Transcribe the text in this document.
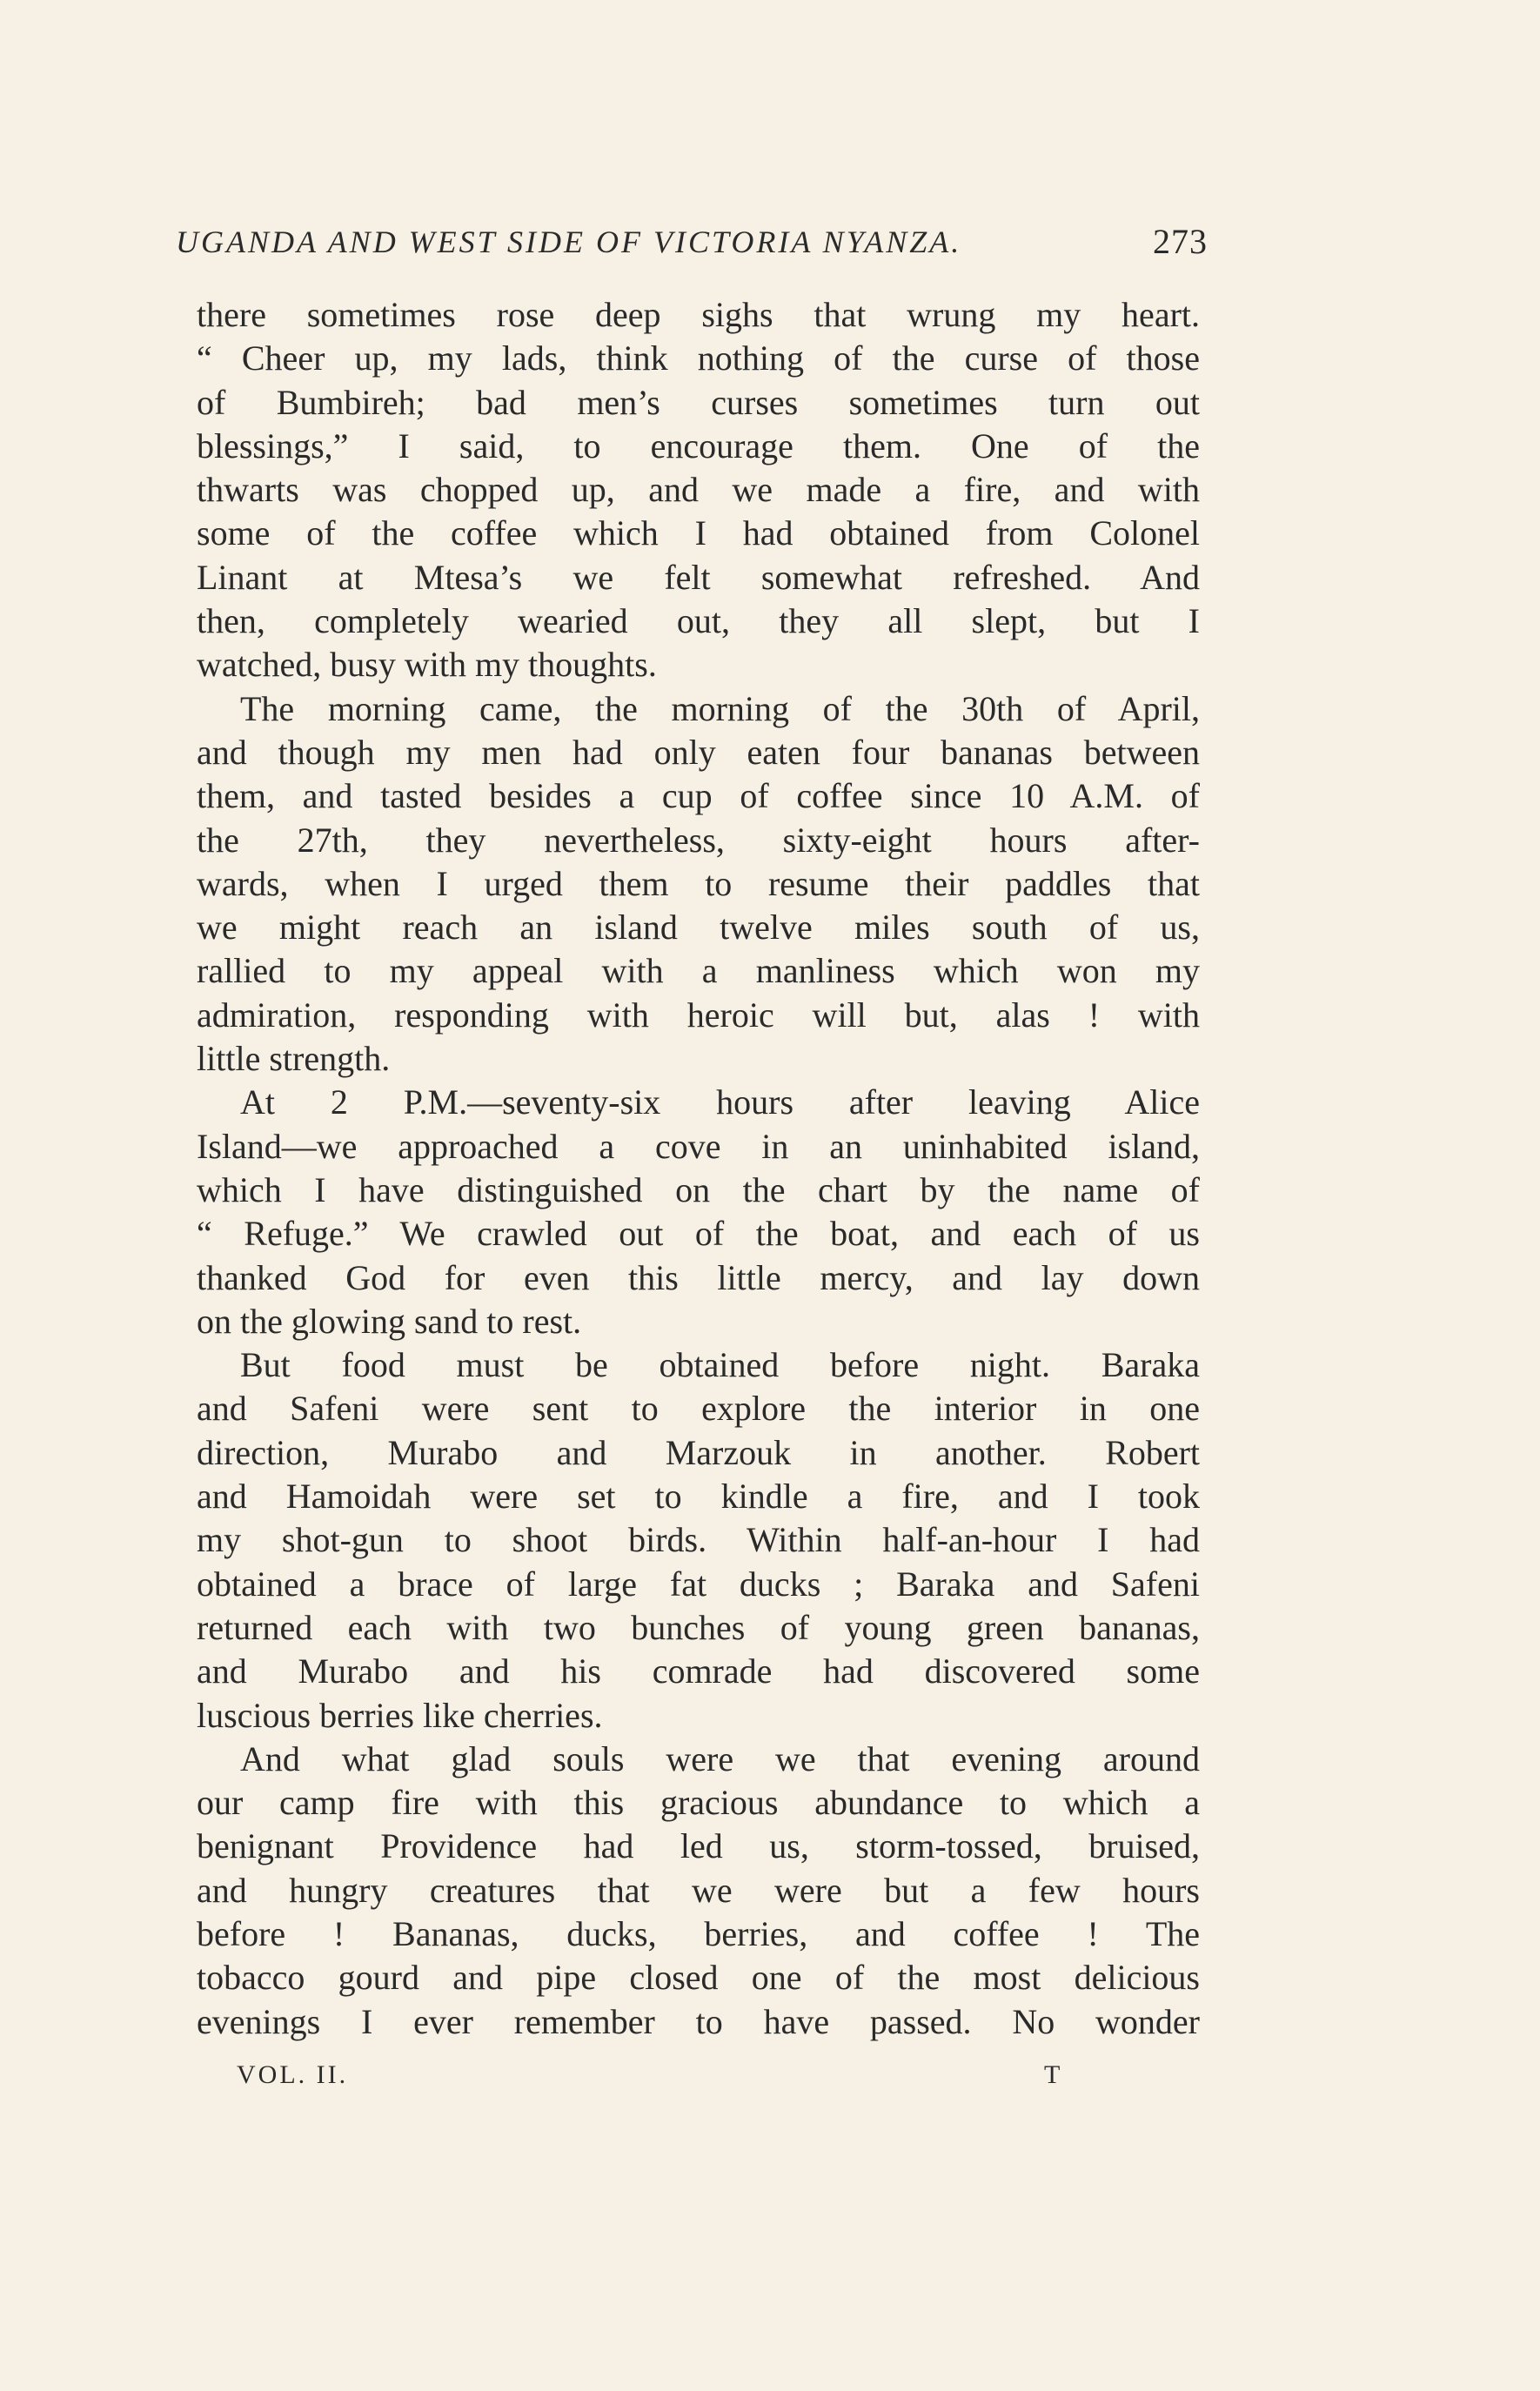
UGANDA AND WEST SIDE OF VICTORIA NYANZA.	273
there sometimes rose deep sighs that wrung my heart.
“ Cheer up, my lads, think nothing of the curse of those
of Bumbireh; bad men’s curses sometimes turn out
blessings,” I said, to encourage them. One of the
thwarts was chopped up, and we made a fire, and with
some of the coffee which I had obtained from Colonel
Linant at Mtesa’s we felt somewhat refreshed. And
then, completely wearied out, they all slept, but I
watched, busy with my thoughts.
The morning came, the morning of the 30th of April,
and though my men had only eaten four bananas between
them, and tasted besides a cup of coffee since 10 A.M. of
the 27th, they nevertheless, sixty-eight hours after-
wards, when I urged them to resume their paddles that
we might reach an island twelve miles south of us,
rallied to my appeal with a manliness which won my
admiration, responding with heroic will but, alas ! with
little strength.
At 2 P.M.—seventy-six hours after leaving Alice
Island—we approached a cove in an uninhabited island,
which I have distinguished on the chart by the name of
“ Refuge.” We crawled out of the boat, and each of us
thanked God for even this little mercy, and lay down
on the glowing sand to rest.
But food must be obtained before night. Baraka
and Safeni were sent to explore the interior in one
direction, Murabo and Marzouk in another. Robert
and Hamoidah were set to kindle a fire, and I took
my shot-gun to shoot birds. Within half-an-hour I had
obtained a brace of large fat ducks ; Baraka and Safeni
returned each with two bunches of young green bananas,
and Murabo and his comrade had discovered some
luscious berries like cherries.
And what glad souls were we that evening around
our camp fire with this gracious abundance to which a
benignant Providence had led us, storm-tossed, bruised,
and hungry creatures that we were but a few hours
before ! Bananas, ducks, berries, and coffee ! The
tobacco gourd and pipe closed one of the most delicious
evenings I ever remember to have passed. No wonder
VOL. II.	T
